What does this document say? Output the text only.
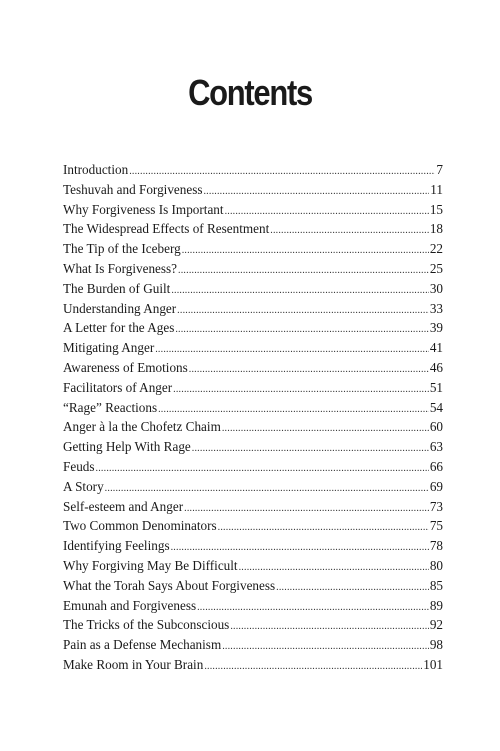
Contents
Introduction .....	7
Teshuvah and Forgiveness .....	11
Why Forgiveness Is Important .....	15
The Widespread Effects of Resentment .....	18
The Tip of the Iceberg .....	22
What Is Forgiveness? .....	25
The Burden of Guilt .....	30
Understanding Anger .....	33
A Letter for the Ages .....	39
Mitigating Anger .....	41
Awareness of Emotions .....	46
Facilitators of Anger .....	51
“Rage” Reactions .....	54
Anger à la the Chofetz Chaim .....	60
Getting Help With Rage .....	63
Feuds .....	66
A Story .....	69
Self-esteem and Anger .....	73
Two Common Denominators .....	75
Identifying Feelings .....	78
Why Forgiving May Be Difficult .....	80
What the Torah Says About Forgiveness .....	85
Emunah and Forgiveness .....	89
The Tricks of the Subconscious .....	92
Pain as a Defense Mechanism .....	98
Make Room in Your Brain .....	101
